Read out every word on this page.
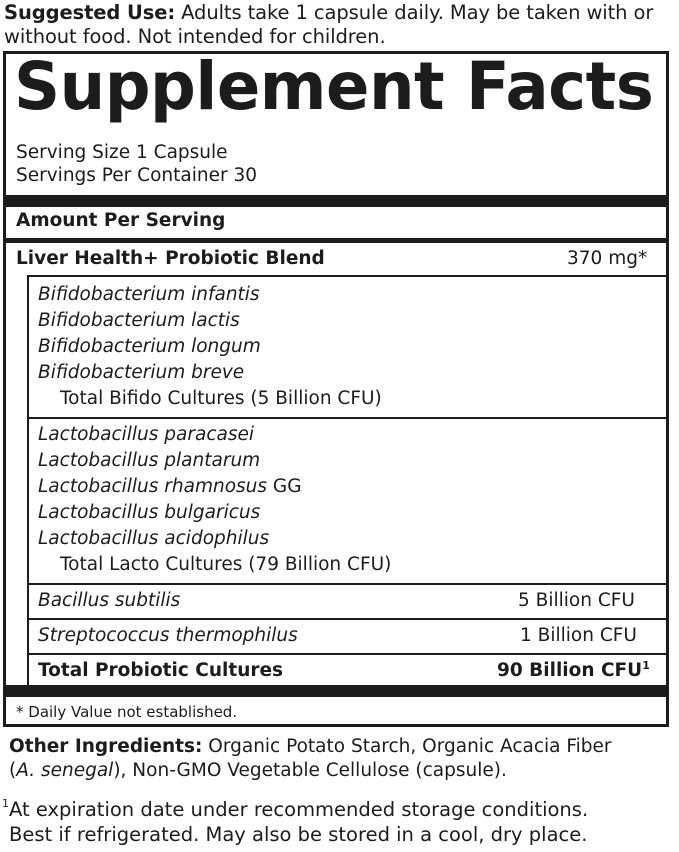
Suggested Use: Adults take 1 capsule daily. May be taken with or
without food. Not intended for children.
Supplement Facts
Serving Size 1 Capsule
Servings Per Container 30
Amount Per Serving
Liver Health+ Probiotic Blend	370 mg*
Bifidobacterium infantis
Bifidobacterium lactis
Bifidobacterium longum
Bifidobacterium breve
Total Bifido Cultures (5 Billion CFU)
Lactobacillus paracasei
Lactobacillus plantarum
Lactobacillus rhamnosus GG
Lactobacillus bulgaricus
Lactobacillus acidophilus
Total Lacto Cultures (79 Billion CFU)
Bacillus subtilis	5 Billion CFU
Streptococcus thermophilus	1 Billion CFU
Total Probiotic Cultures	90 Billion CFU$^1$
* Daily Value not established.
Other Ingredients: Organic Potato Starch, Organic Acacia Fiber
(A. senegal), Non-GMO Vegetable Cellulose (capsule).
$^1$At expiration date under recommended storage conditions.
Best if refrigerated. May also be stored in a cool, dry place.
